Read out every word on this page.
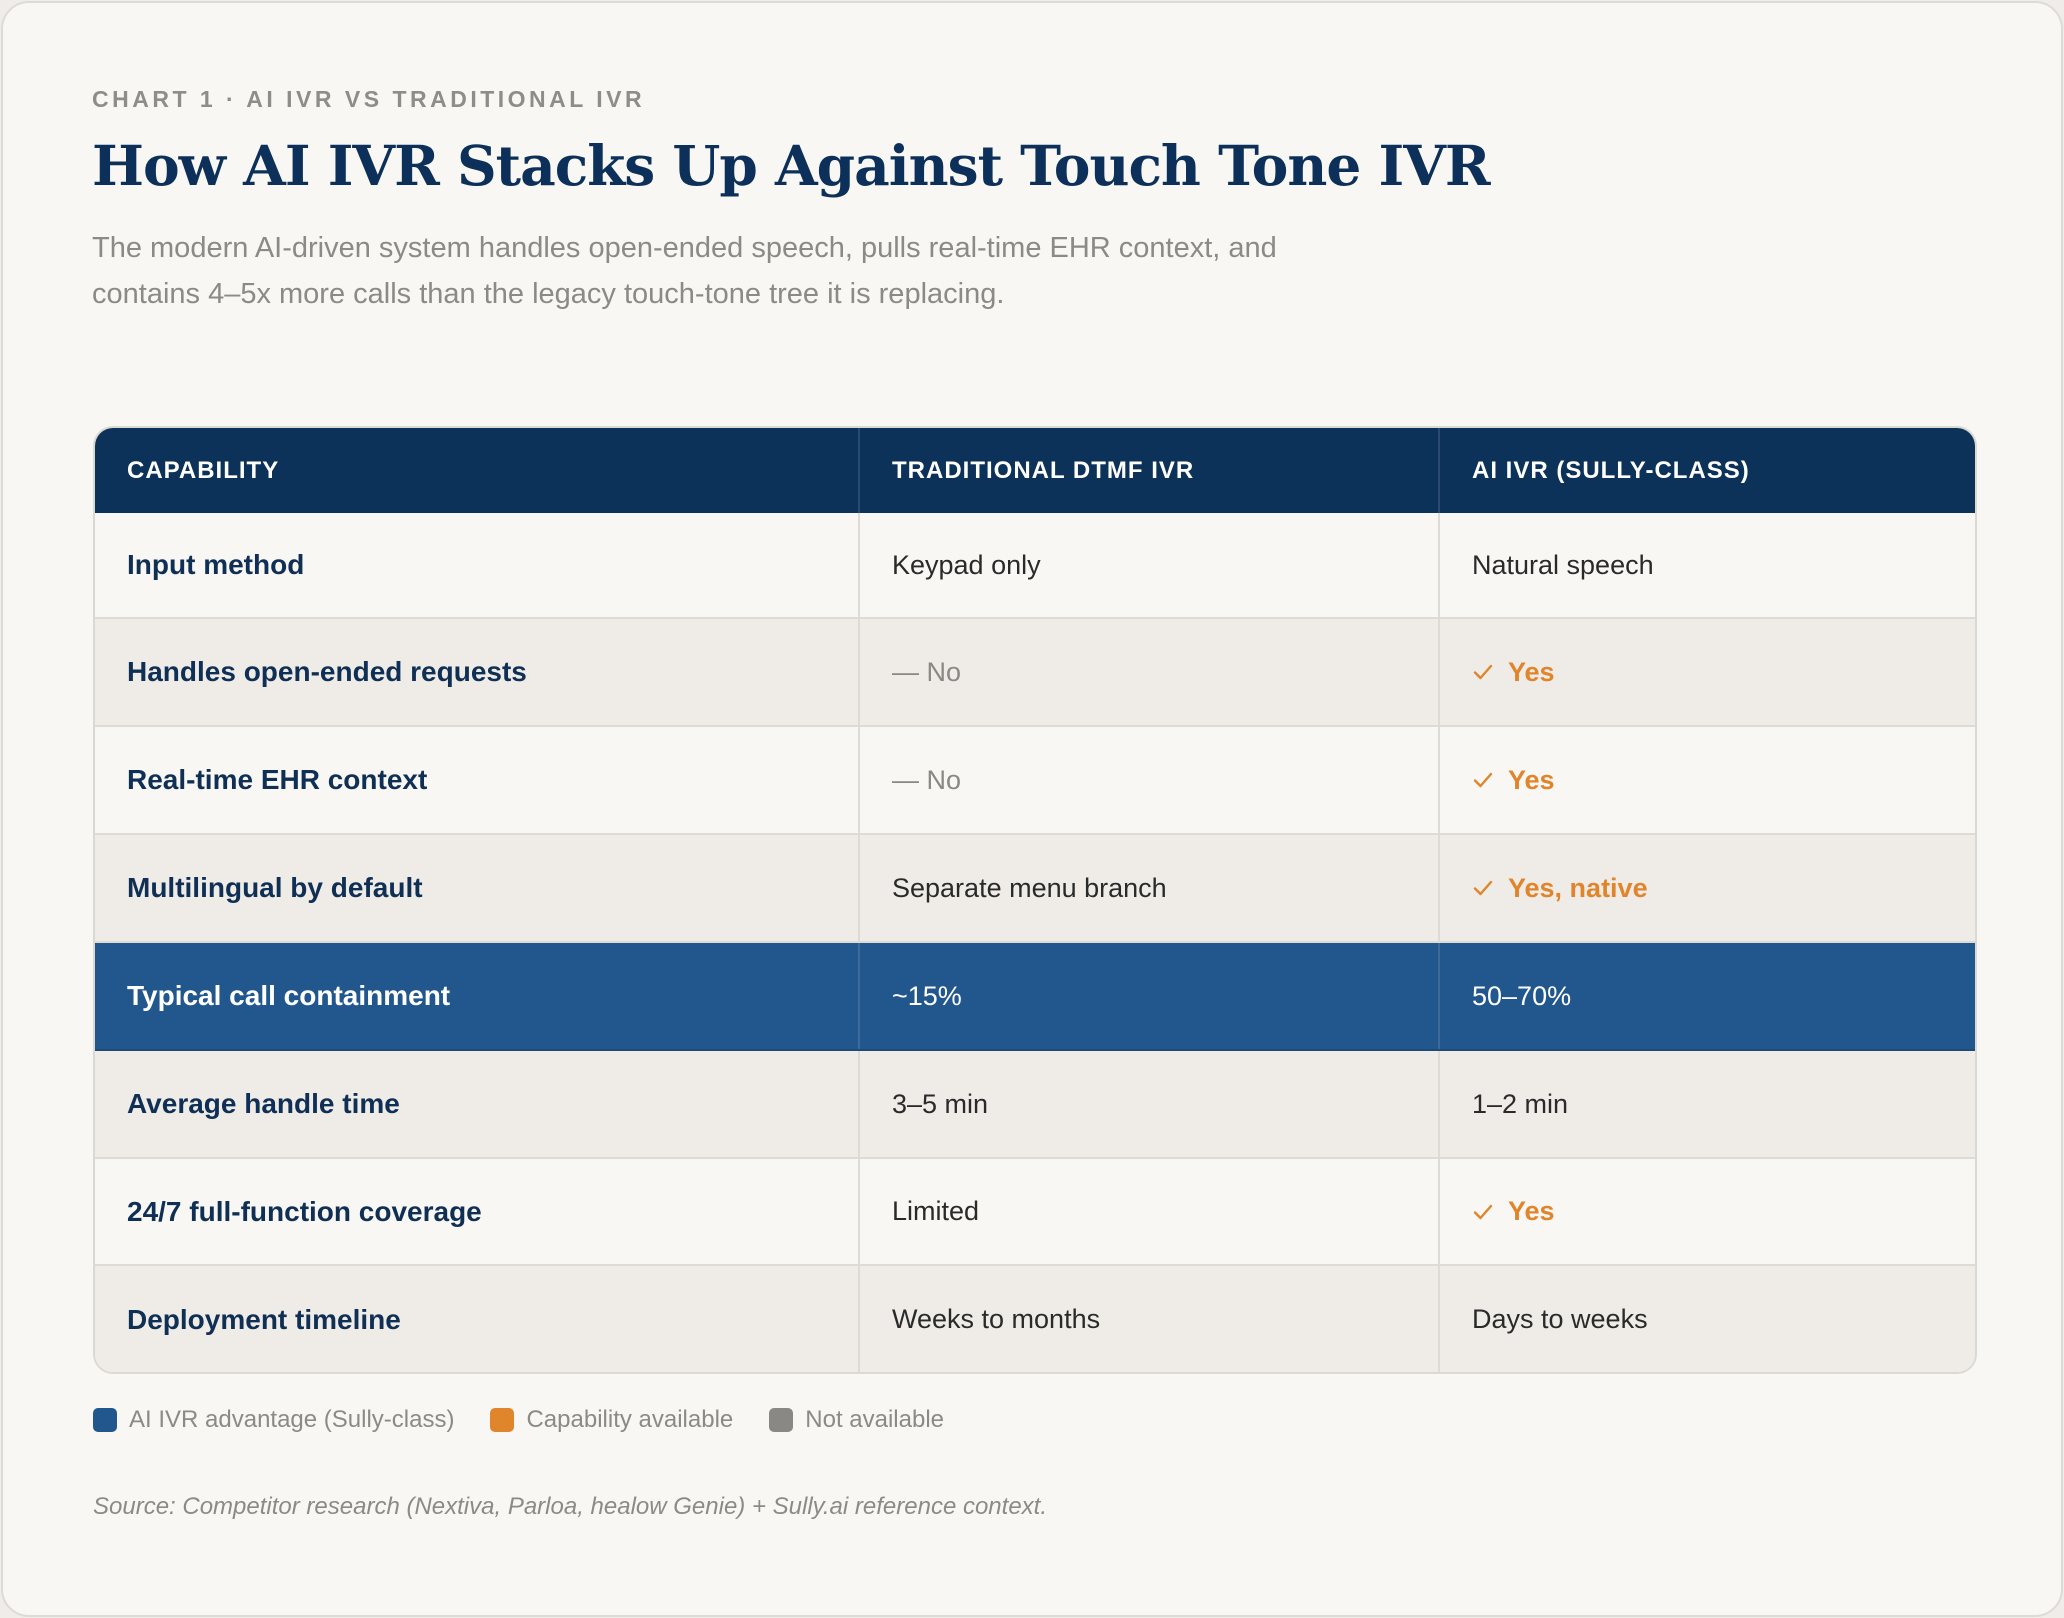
CHART 1 · AI IVR VS TRADITIONAL IVR
How AI IVR Stacks Up Against Touch Tone IVR
The modern AI-driven system handles open-ended speech, pulls real-time EHR context, and contains 4–5x more calls than the legacy touch-tone tree it is replacing.
CAPABILITY	TRADITIONAL DTMF IVR	AI IVR (SULLY-CLASS)
Input method	Keypad only	Natural speech
Handles open-ended requests	— No	Yes
Real-time EHR context	— No	Yes
Multilingual by default	Separate menu branch	Yes, native
Typical call containment	~15%	50–70%
Average handle time	3–5 min	1–2 min
24/7 full-function coverage	Limited	Yes
Deployment timeline	Weeks to months	Days to weeks
AI IVR advantage (Sully-class)	Capability available	Not available
Source: Competitor research (Nextiva, Parloa, healow Genie) + Sully.ai reference context.
